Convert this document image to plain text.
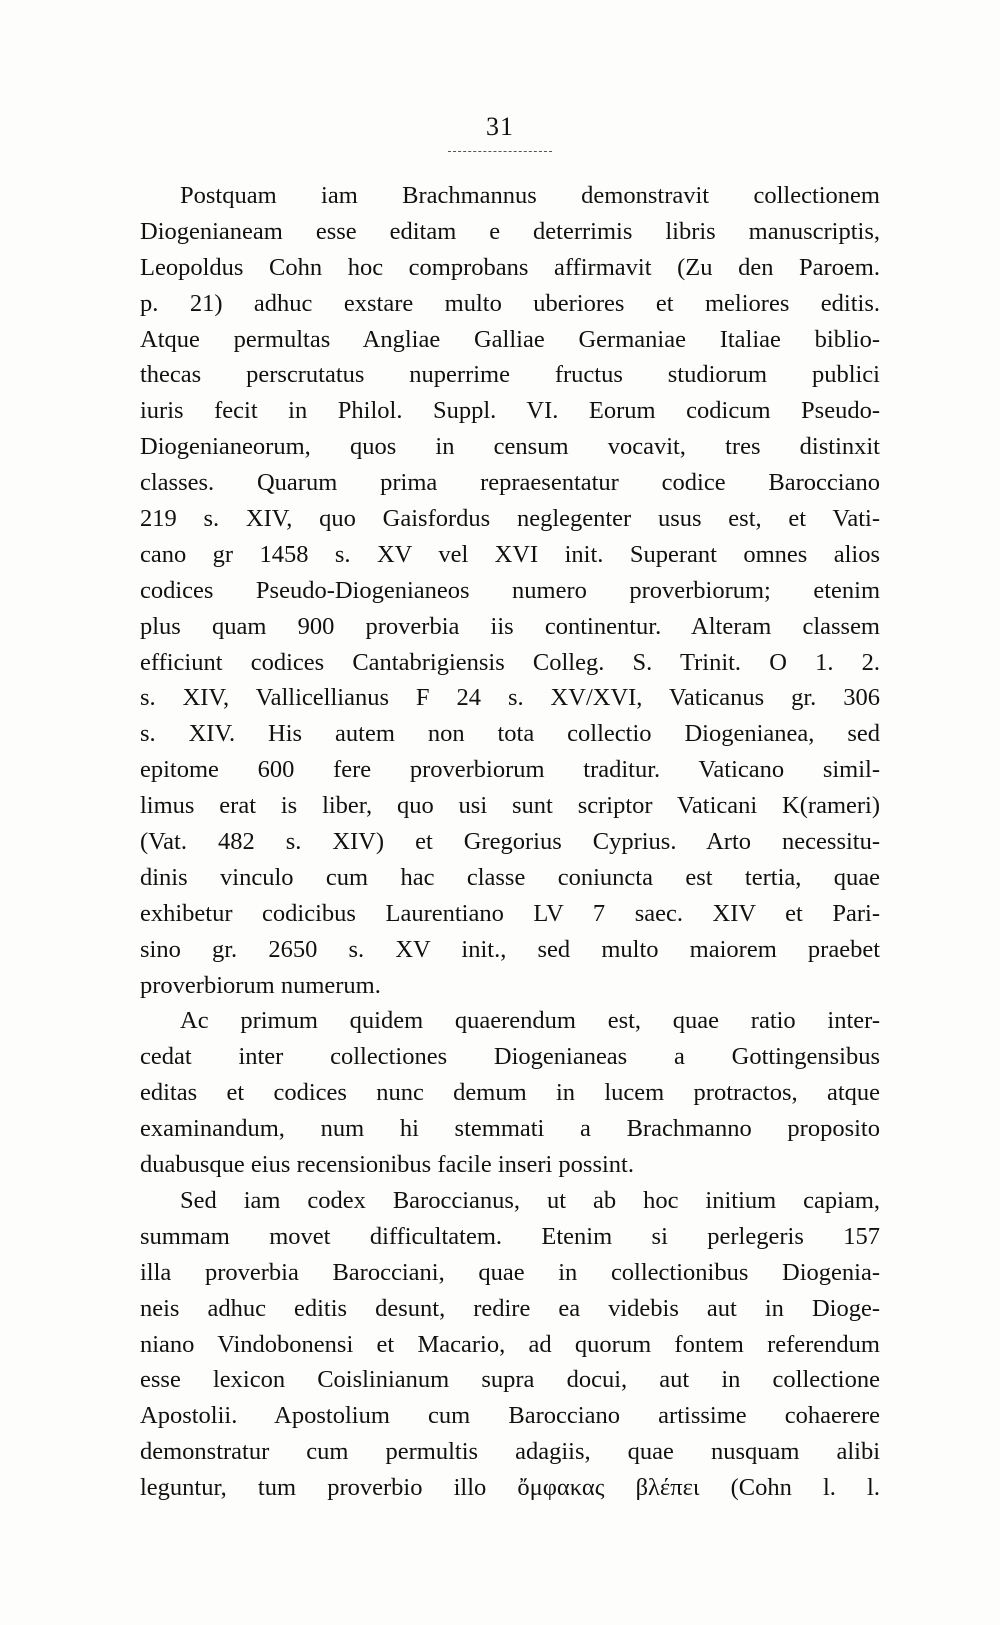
31
Postquam iam Brachmannus demonstravit collectionem
Diogenianeam esse editam e deterrimis libris manuscriptis,
Leopoldus Cohn hoc comprobans affirmavit (Zu den Paroem.
p. 21) adhuc exstare multo uberiores et meliores editis.
Atque permultas Angliae Galliae Germaniae Italiae biblio-
thecas perscrutatus nuperrime fructus studiorum publici
iuris fecit in Philol. Suppl. VI. Eorum codicum Pseudo-
Diogenianeorum, quos in censum vocavit, tres distinxit
classes. Quarum prima repraesentatur codice Barocciano
219 s. XIV, quo Gaisfordus neglegenter usus est, et Vati-
cano gr 1458 s. XV vel XVI init. Superant omnes alios
codices Pseudo-Diogenianeos numero proverbiorum; etenim
plus quam 900 proverbia iis continentur. Alteram classem
efficiunt codices Cantabrigiensis Colleg. S. Trinit. O 1. 2.
s. XIV, Vallicellianus F 24 s. XV/XVI, Vaticanus gr. 306
s. XIV. His autem non tota collectio Diogenianea, sed
epitome 600 fere proverbiorum traditur. Vaticano simil-
limus erat is liber, quo usi sunt scriptor Vaticani K(rameri)
(Vat. 482 s. XIV) et Gregorius Cyprius. Arto necessitu-
dinis vinculo cum hac classe coniuncta est tertia, quae
exhibetur codicibus Laurentiano LV 7 saec. XIV et Pari-
sino gr. 2650 s. XV init., sed multo maiorem praebet
proverbiorum numerum.
Ac primum quidem quaerendum est, quae ratio inter-
cedat inter collectiones Diogenianeas a Gottingensibus
editas et codices nunc demum in lucem protractos, atque
examinandum, num hi stemmati a Brachmanno proposito
duabusque eius recensionibus facile inseri possint.
Sed iam codex Baroccianus, ut ab hoc initium capiam,
summam movet difficultatem. Etenim si perlegeris 157
illa proverbia Barocciani, quae in collectionibus Diogenia-
neis adhuc editis desunt, redire ea videbis aut in Dioge-
niano Vindobonensi et Macario, ad quorum fontem referendum
esse lexicon Coislinianum supra docui, aut in collectione
Apostolii. Apostolium cum Barocciano artissime cohaerere
demonstratur cum permultis adagiis, quae nusquam alibi
leguntur, tum proverbio illo ὄμφακας βλέπει (Cohn l. l.
